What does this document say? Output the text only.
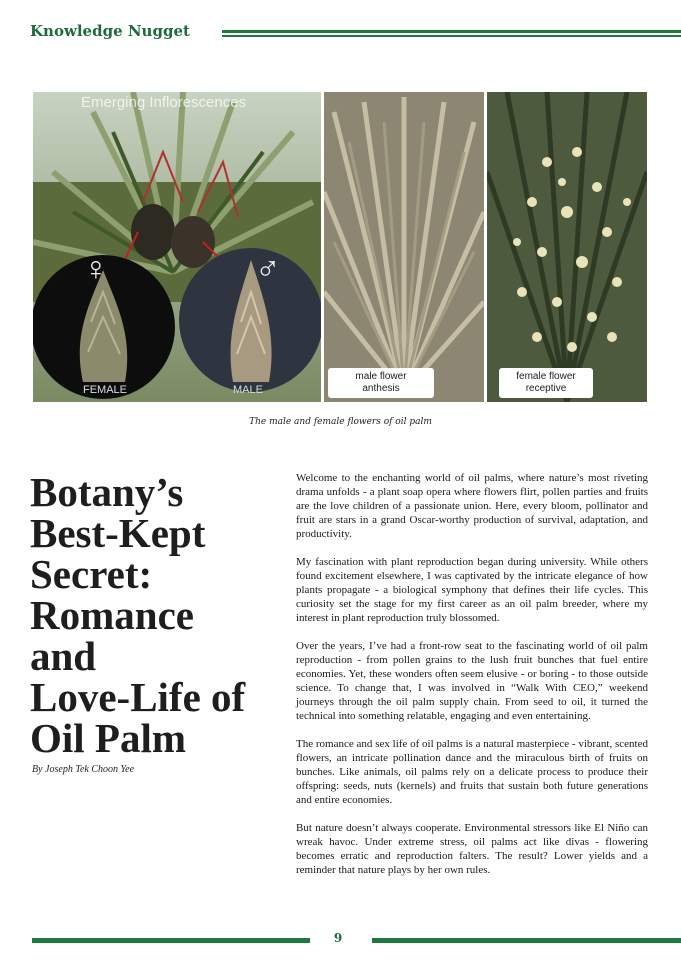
Knowledge Nugget
Emerging Inflorescences
♀	♂
FEMALE	MALE
male flower
anthesis
female flower
receptive
The male and female flowers of oil palm
Botany’s
Best-Kept
Secret:
Romance
and
Love-Life of
Oil Palm
By Joseph Tek Choon Yee

Welcome to the enchanting world of oil palms, where nature’s most riveting drama unfolds - a plant soap opera where flowers flirt, pollen parties and fruits are the love children of a passionate union. Here, every bloom, pollinator and fruit are stars in a grand Oscar-worthy production of survival, adaptation, and productivity.

My fascination with plant reproduction began during university. While others found excitement elsewhere, I was captivated by the intricate elegance of how plants propagate - a biological symphony that defines their life cycles. This curiosity set the stage for my first career as an oil palm breeder, where my interest in plant reproduction truly blossomed.

Over the years, I’ve had a front-row seat to the fascinating world of oil palm reproduction - from pollen grains to the lush fruit bunches that fuel entire economies. Yet, these wonders often seem elusive - or boring - to those outside science. To change that, I was involved in “Walk With CEO,” weekend journeys through the oil palm supply chain. From seed to oil, it turned the technical into something relatable, engaging and even entertaining.

The romance and sex life of oil palms is a natural masterpiece - vibrant, scented flowers, an intricate pollination dance and the miraculous birth of fruits on bunches. Like animals, oil palms rely on a delicate process to produce their offspring: seeds, nuts (kernels) and fruits that sustain both future generations and entire economies.

But nature doesn’t always cooperate. Environmental stressors like El Niño can wreak havoc. Under extreme stress, oil palms act like divas - flowering becomes erratic and reproduction falters. The result? Lower yields and a reminder that nature plays by her own rules.

9
